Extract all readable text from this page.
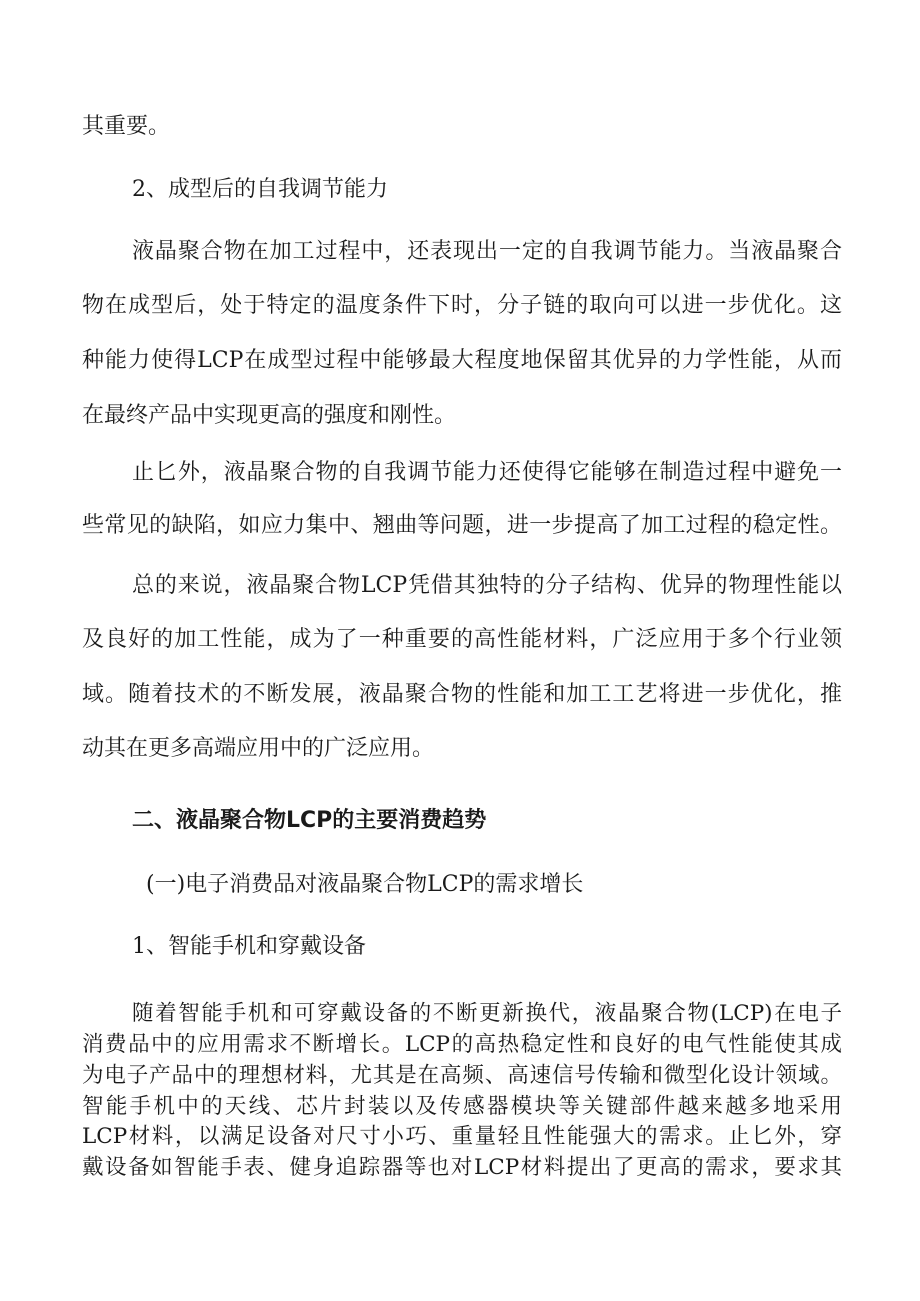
其重要。
2、成型后的自我调节能力
液晶聚合物在加工过程中，还表现出一定的自我调节能力。当液晶聚合
物在成型后，处于特定的温度条件下时，分子链的取向可以进一步优化。这
种能力使得LCP在成型过程中能够最大程度地保留其优异的力学性能，从而
在最终产品中实现更高的强度和刚性。
止匕外，液晶聚合物的自我调节能力还使得它能够在制造过程中避免一
些常见的缺陷，如应力集中、翘曲等问题，进一步提高了加工过程的稳定性。
总的来说，液晶聚合物LCP凭借其独特的分子结构、优异的物理性能以
及良好的加工性能，成为了一种重要的高性能材料，广泛应用于多个行业领
域。随着技术的不断发展，液晶聚合物的性能和加工工艺将进一步优化，推
动其在更多高端应用中的广泛应用。
二、液晶聚合物LCP的主要消费趋势
(一)电子消费品对液晶聚合物LCP的需求增长
1、智能手机和穿戴设备
随着智能手机和可穿戴设备的不断更新换代，液晶聚合物(LCP)在电子
消费品中的应用需求不断增长。LCP的高热稳定性和良好的电气性能使其成
为电子产品中的理想材料，尤其是在高频、高速信号传输和微型化设计领域。
智能手机中的天线、芯片封装以及传感器模块等关键部件越来越多地采用
LCP材料，以满足设备对尺寸小巧、重量轻且性能强大的需求。止匕外，穿
戴设备如智能手表、健身追踪器等也对LCP材料提出了更高的需求，要求其
